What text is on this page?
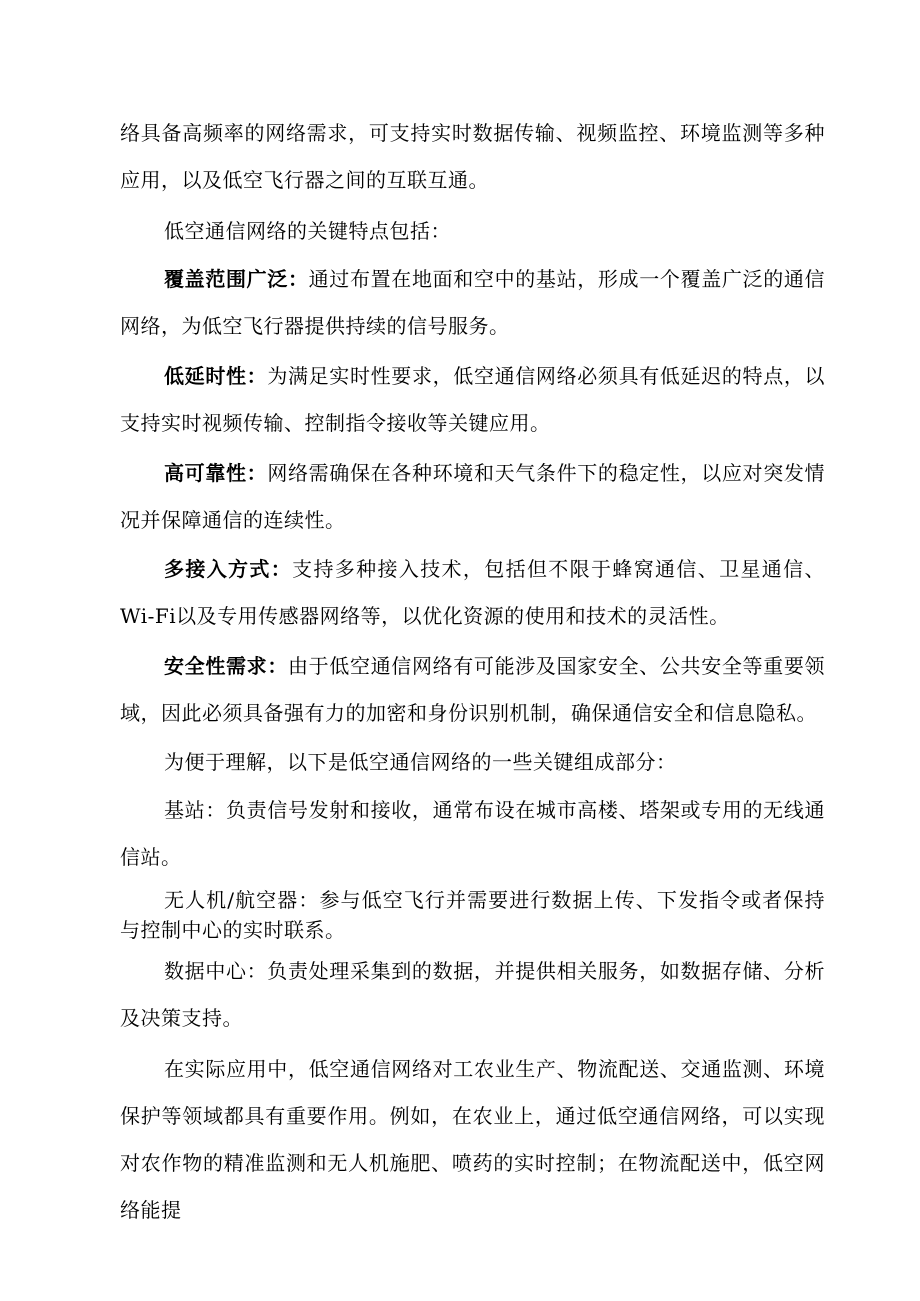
络具备高频率的网络需求，可支持实时数据传输、视频监控、环境监测等多种应用，以及低空飞行器之间的互联互通。

低空通信网络的关键特点包括：

覆盖范围广泛：通过布置在地面和空中的基站，形成一个覆盖广泛的通信网络，为低空飞行器提供持续的信号服务。

低延时性：为满足实时性要求，低空通信网络必须具有低延迟的特点，以支持实时视频传输、控制指令接收等关键应用。

高可靠性：网络需确保在各种环境和天气条件下的稳定性，以应对突发情况并保障通信的连续性。

多接入方式：支持多种接入技术，包括但不限于蜂窝通信、卫星通信、Wi-Fi以及专用传感器网络等，以优化资源的使用和技术的灵活性。

安全性需求：由于低空通信网络有可能涉及国家安全、公共安全等重要领域，因此必须具备强有力的加密和身份识别机制，确保通信安全和信息隐私。

为便于理解，以下是低空通信网络的一些关键组成部分：

基站：负责信号发射和接收，通常布设在城市高楼、塔架或专用的无线通信站。

无人机/航空器：参与低空飞行并需要进行数据上传、下发指令或者保持与控制中心的实时联系。

数据中心：负责处理采集到的数据，并提供相关服务，如数据存储、分析及决策支持。

在实际应用中，低空通信网络对工农业生产、物流配送、交通监测、环境保护等领域都具有重要作用。例如，在农业上，通过低空通信网络，可以实现对农作物的精准监测和无人机施肥、喷药的实时控制；在物流配送中，低空网络能提
